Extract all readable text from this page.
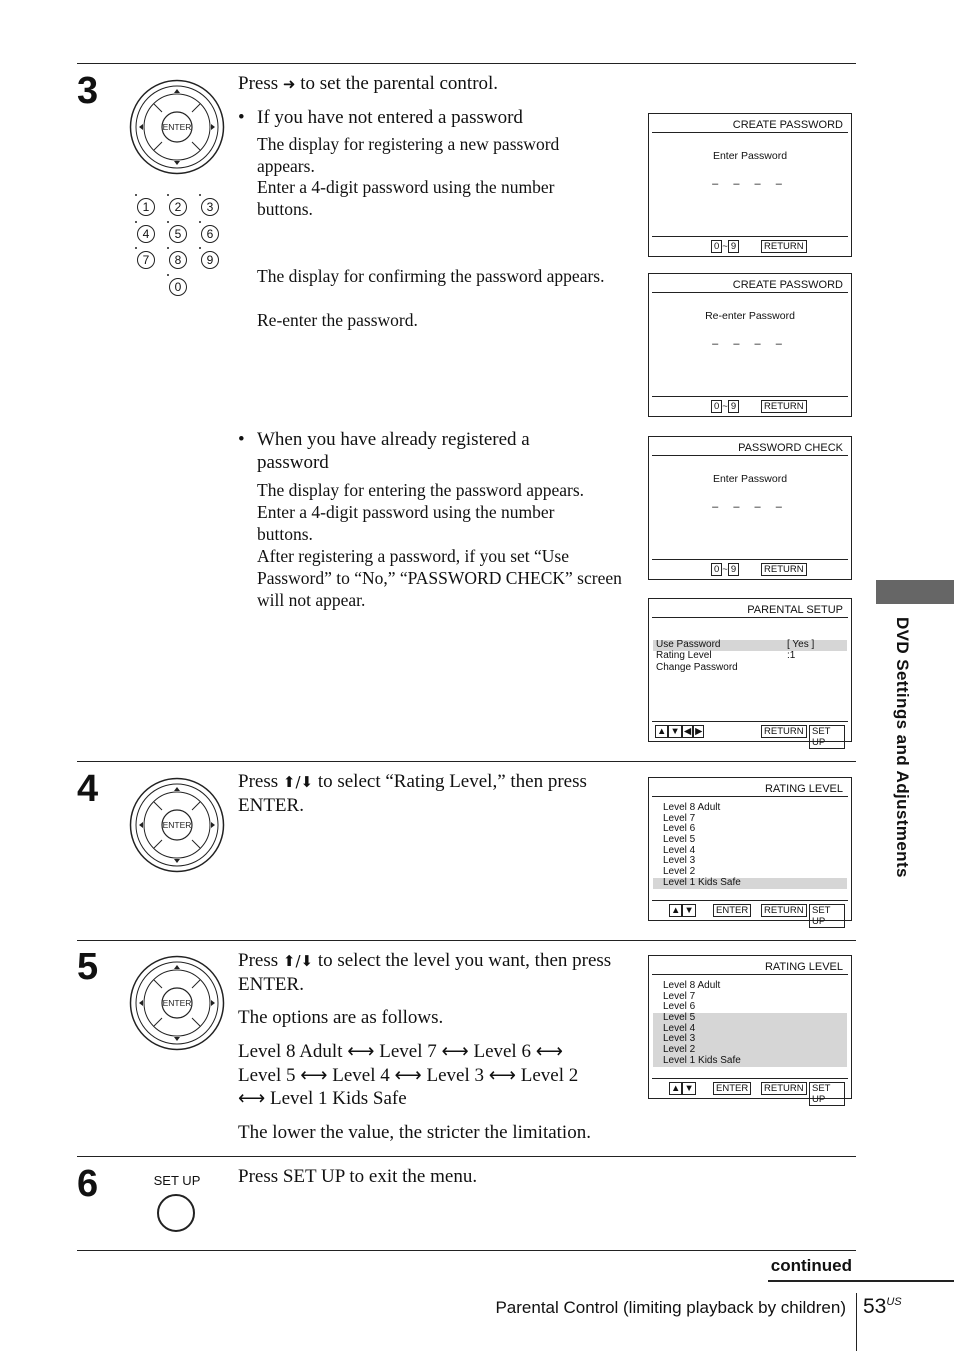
3
ENTER
1	2	3
4	5	6
7	8	9
0
Press ➜ to set the parental control.
• If you have not entered a password
The display for registering a new password appears.
Enter a 4-digit password using the number buttons.
The display for confirming the password appears.
Re-enter the password.
• When you have already registered a password
The display for entering the password appears.
Enter a 4-digit password using the number buttons.
After registering a password, if you set “Use Password” to “No,” “PASSWORD CHECK” screen will not appear.
CREATE PASSWORD
Enter Password
– – – –
0 ~ 9	RETURN
CREATE PASSWORD
Re-enter Password
– – – –
0 ~ 9	RETURN
PASSWORD CHECK
Enter Password
– – – –
0 ~ 9	RETURN
PARENTAL SETUP
Use Password	[ Yes ]
Rating Level	:1
Change Password
▲ ▼ ◀ ▶	RETURN SET UP
4
ENTER
Press ⬆/⬇ to select “Rating Level,” then press ENTER.
RATING LEVEL
Level 8 Adult
Level 7
Level 6
Level 5
Level 4
Level 3
Level 2
Level 1 Kids Safe
▲ ▼	ENTER	RETURN SET UP
5
ENTER
Press ⬆/⬇ to select the level you want, then press ENTER.
The options are as follows.
Level 8 Adult ⟷ Level 7 ⟷ Level 6 ⟷
Level 5 ⟷ Level 4 ⟷ Level 3 ⟷ Level 2
⟷ Level 1 Kids Safe
The lower the value, the stricter the limitation.
RATING LEVEL
Level 8 Adult
Level 7
Level 6
Level 5
Level 4
Level 3
Level 2
Level 1 Kids Safe
▲ ▼	ENTER	RETURN SET UP
6	SET UP Press SET UP to exit the menu.
DVD Settings and Adjustments
continued
Parental Control (limiting playback by children) $53^{US}$
